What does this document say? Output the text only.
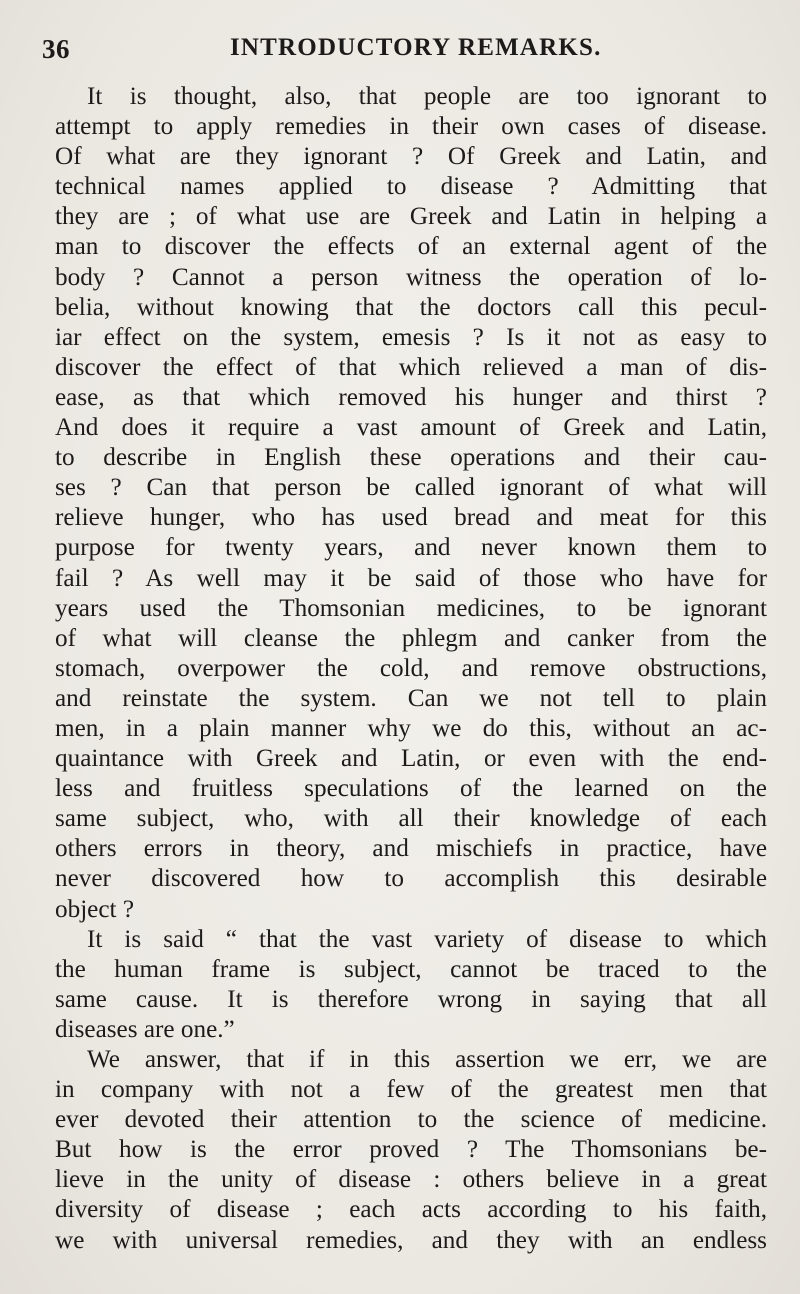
36	INTRODUCTORY REMARKS.
It is thought, also, that people are too ignorant to
attempt to apply remedies in their own cases of disease.
Of what are they ignorant ? Of Greek and Latin, and
technical names applied to disease ? Admitting that
they are ; of what use are Greek and Latin in helping a
man to discover the effects of an external agent of the
body ? Cannot a person witness the operation of lo-
belia, without knowing that the doctors call this pecul-
iar effect on the system, emesis ? Is it not as easy to
discover the effect of that which relieved a man of dis-
ease, as that which removed his hunger and thirst ?
And does it require a vast amount of Greek and Latin,
to describe in English these operations and their cau-
ses ? Can that person be called ignorant of what will
relieve hunger, who has used bread and meat for this
purpose for twenty years, and never known them to
fail ? As well may it be said of those who have for
years used the Thomsonian medicines, to be ignorant
of what will cleanse the phlegm and canker from the
stomach, overpower the cold, and remove obstructions,
and reinstate the system. Can we not tell to plain
men, in a plain manner why we do this, without an ac-
quaintance with Greek and Latin, or even with the end-
less and fruitless speculations of the learned on the
same subject, who, with all their knowledge of each
others errors in theory, and mischiefs in practice, have
never discovered how to accomplish this desirable
object ?
It is said “ that the vast variety of disease to which
the human frame is subject, cannot be traced to the
same cause. It is therefore wrong in saying that all
diseases are one.”
We answer, that if in this assertion we err, we are
in company with not a few of the greatest men that
ever devoted their attention to the science of medicine.
But how is the error proved ? The Thomsonians be-
lieve in the unity of disease : others believe in a great
diversity of disease ; each acts according to his faith,
we with universal remedies, and they with an endless
